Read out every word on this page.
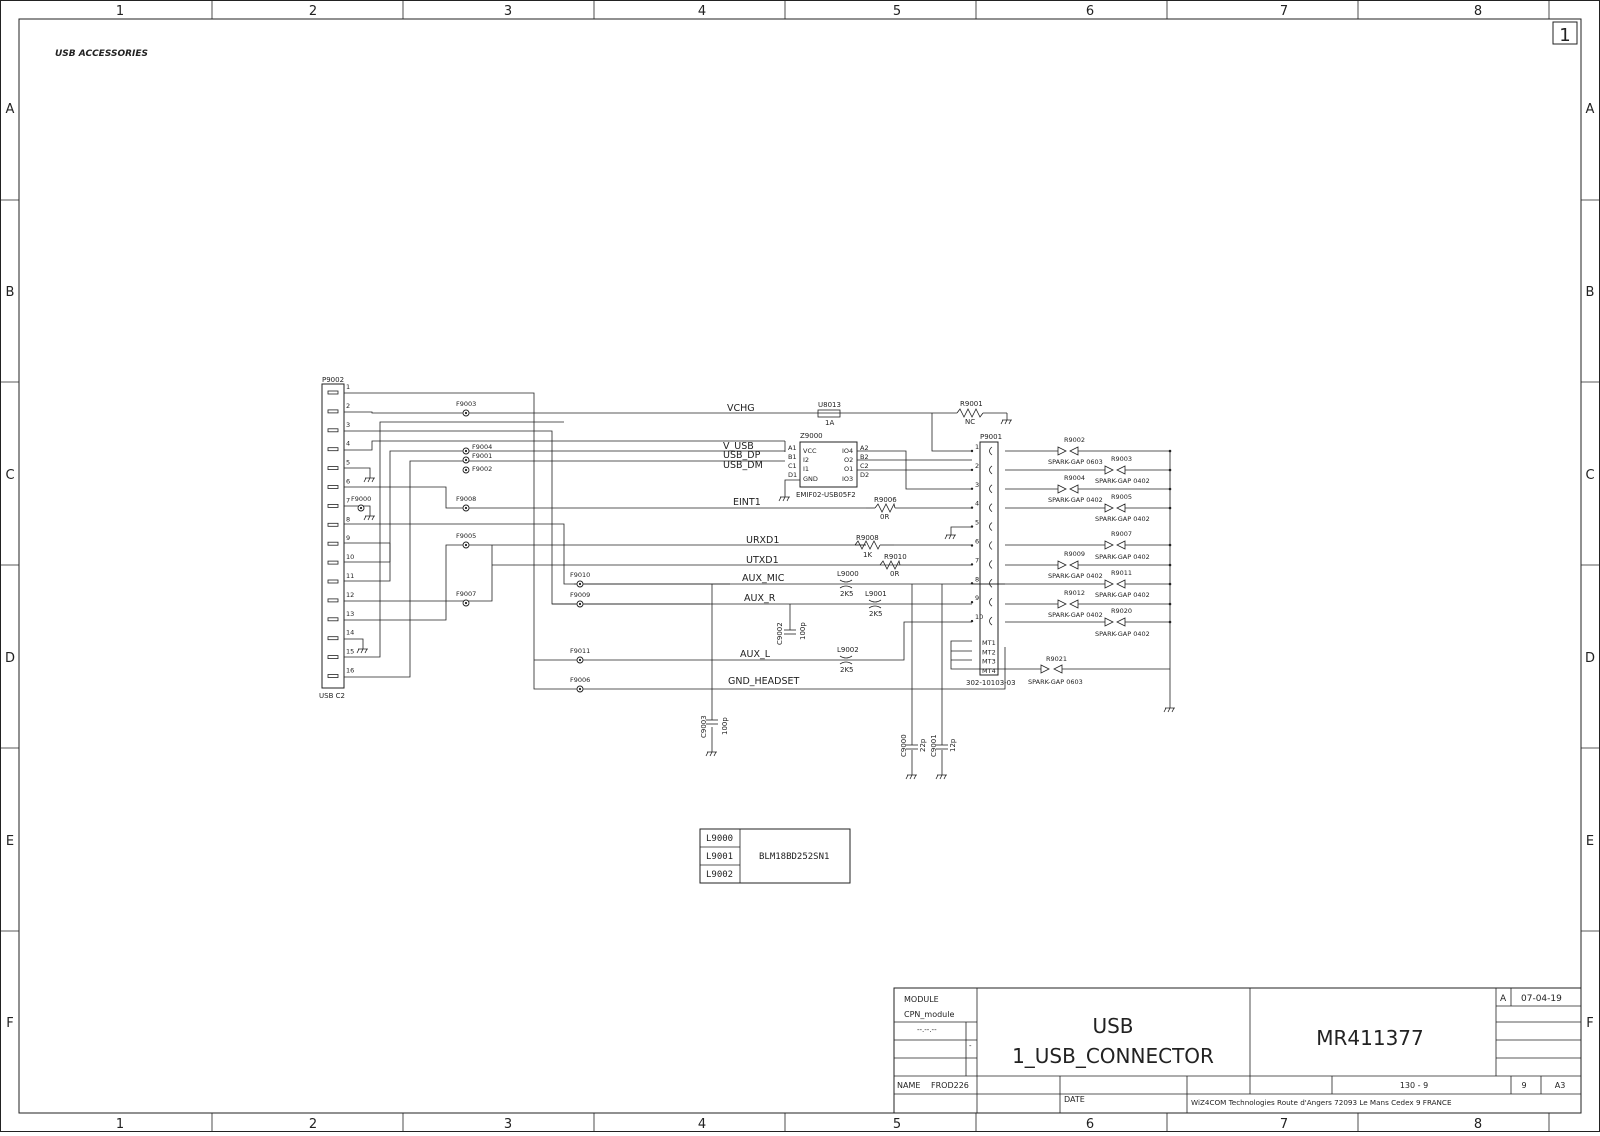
1	2	3	4	5	6	7	8
1	2	3	4	5	6	7	8
A
B
C
D
E
F
A
B
C
D
E
F
1
USB ACCESSORIES
P9002
USB C2
1
2
3
4
5
6
7
8
9
10
11
12
13
14
15
16
R9002
SPARK-GAP 0603 R9003
SPARK-GAP 0402
R9004
SPARK-GAP 0402 R9005
SPARK-GAP 0402
R9007
SPARK-GAP 0402
R9009
SPARK-GAP 0402 R9011
SPARK-GAP 0402
R9012
SPARK-GAP 0402 R9020
SPARK-GAP 0402
R9021
SPARK-GAP 0603
Z9000
EMIF02-USB05F2
A1
B1
C1
D1
VCC
I2
I1
GND
IO4
O2
O1
IO3
A2
B2
C2
D2
U8013
1A
R9001
NC
R9006
0R
R9008
1K R9010
0R
L9000
2K5 L9001
2K5
L9002
2K5
C9002 100p
C9003 100p
C9000 22p C9001 12p
F9003
F9004
F9001
F9002
F9000	F9008
F9005
F9007
F9010
F9009
F9011
F9006
VCHG
V_USB
USB_DP
USB_DM
EINT1
URXD1
UTXD1
AUX_MIC
AUX_R
AUX_L
GND_HEADSET
P9001
302-10103-03
1
2
3
4
5
6
7
8
9
10
MT1
MT2
MT3
MT4
L9000
L9001
L9002
BLM18BD252SN1
MODULE
CPN_module
--.--.--
-
USB
1_USB_CONNECTOR
MR411377
A 07-04-19
NAME FROD226
DATE	WiZ4COM Technologies Route d'Angers 72093 Le Mans Cedex 9 FRANCE
130 - 9	9	A3
